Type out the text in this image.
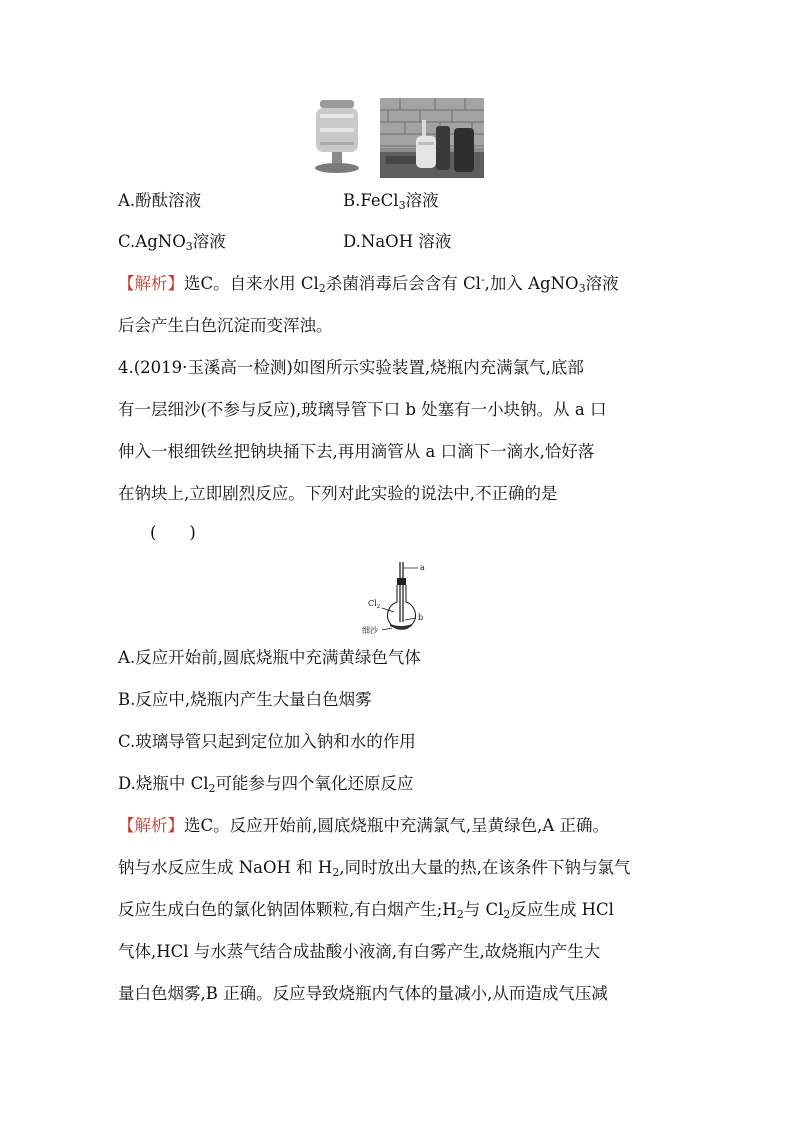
A.酚酞溶液	B.FeCl$_3$溶液
C.AgNO$_3$溶液	D.NaOH 溶液
【解析】选C。自来水用 $Cl_2$杀菌消毒后会含有 Cl-,加入 AgNO$_3$溶液
后会产生白色沉淀而变浑浊。
4.(2019·玉溪高一检测)如图所示实验装置,烧瓶内充满氯气,底部
有一层细沙(不参与反应),玻璃导管下口 b 处塞有一小块钠。从 a 口
伸入一根细铁丝把钠块捅下去,再用滴管从 a 口滴下一滴水,恰好落
在钠块上,立即剧烈反应。下列对此实验的说法中,不正确的是
(　　)
a
b
$Cl_2$
细沙
A.反应开始前,圆底烧瓶中充满黄绿色气体
B.反应中,烧瓶内产生大量白色烟雾
C.玻璃导管只起到定位加入钠和水的作用
D.烧瓶中 $Cl_2$可能参与四个氧化还原反应
【解析】选C。反应开始前,圆底烧瓶中充满氯气,呈黄绿色,A 正确。
钠与水反应生成 NaOH 和 $H_2$,同时放出大量的热,在该条件下钠与氯气
反应生成白色的氯化钠固体颗粒,有白烟产生$;H_2$与 $Cl_2$反应生成 HCl
气体,HCl 与水蒸气结合成盐酸小液滴,有白雾产生,故烧瓶内产生大
量白色烟雾,B 正确。反应导致烧瓶内气体的量减小,从而造成气压减
